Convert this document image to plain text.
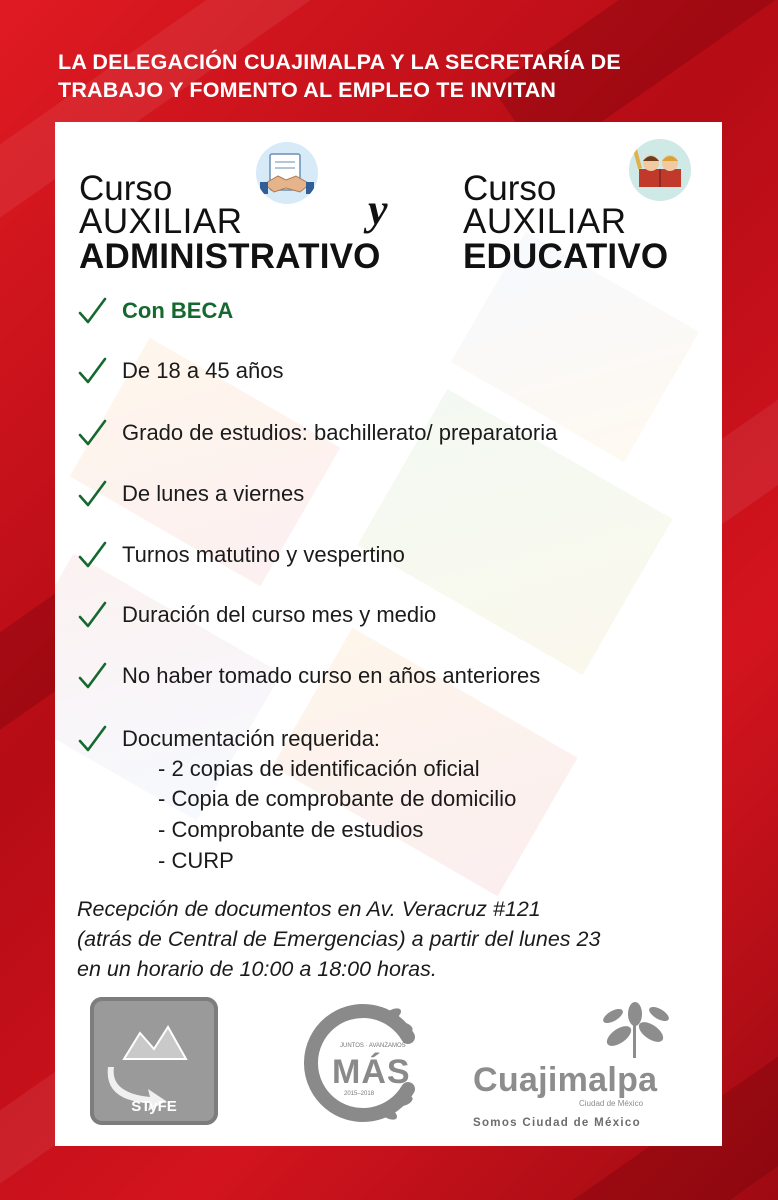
LA DELEGACIÓN CUAJIMALPA Y LA SECRETARÍA DE
TRABAJO Y FOMENTO AL EMPLEO TE INVITAN
Curso
AUXILIAR
ADMINISTRATIVO
y Curso
AUXILIAR
EDUCATIVO
Con BECA
De 18 a 45 años
Grado de estudios: bachillerato/ preparatoria
De lunes a viernes
Turnos matutino y vespertino
Duración del curso mes y medio
No haber tomado curso en años anteriores
Documentación requerida:
- 2 copias de identificación oficial
- Copia de comprobante de domicilio
- Comprobante de estudios
- CURP
Recepción de documentos en Av. Veracruz #121
(atrás de Central de Emergencias) a partir del lunes 23
en un horario de 10:00 a 18:00 horas.
STyFE
JUNTOS · AVANZAMOS
MÁS
2015–2018	Cuajimalpa
Ciudad de México
Somos Ciudad de México
